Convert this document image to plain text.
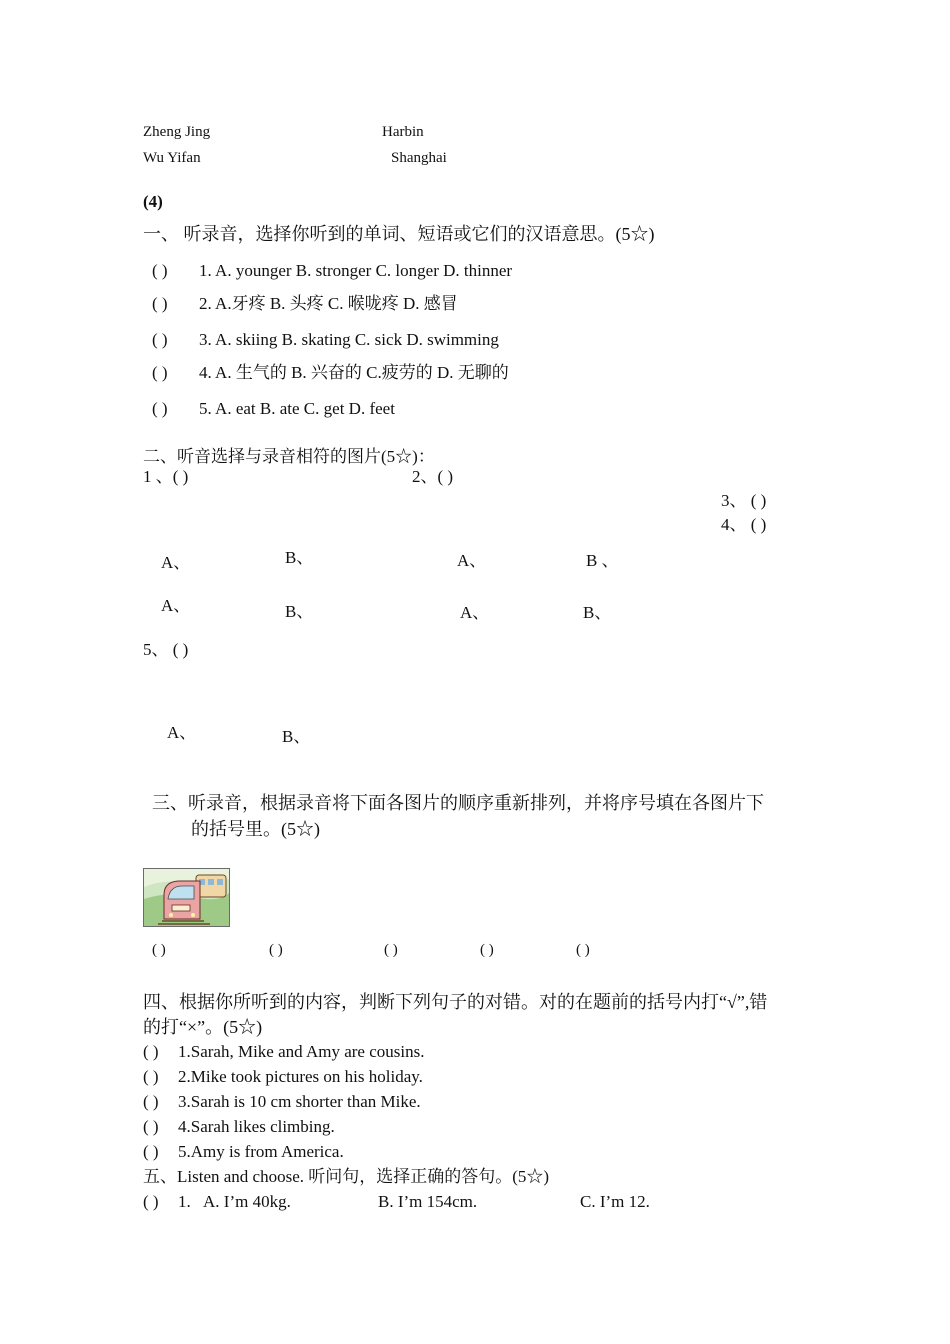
Zheng Jing	Harbin
Wu Yifan	Shanghai
(4)
一、 听录音，选择你听到的单词、短语或它们的汉语意思。(5☆)
( ) 1. A. younger B. stronger C. longer D. thinner
( ) 2. A.牙疼 B. 头疼 C. 喉咙疼 D. 感冒
( ) 3. A. skiing B. skating C. sick D. swimming
( ) 4. A. 生气的 B. 兴奋的 C.疲劳的 D. 无聊的
( ) 5. A. eat B. ate C. get D. feet
二、听音选择与录音相符的图片(5☆)：
1 、( )	2、( )
3、 ( )
4、 ( )
A、	B、	A、	B 、
A、	B、	A、	B、
5、 ( )
A、	B、
三、听录音，根据录音将下面各图片的顺序重新排列，并将序号填在各图片下
的括号里。(5☆)
( )	( )	( )	( )	( )
四、根据你所听到的内容，判断下列句子的对错。对的在题前的括号内打“√”,错
的打“×”。(5☆)
( ) 1.Sarah, Mike and Amy are cousins.
( ) 2.Mike took pictures on his holiday.
( ) 3.Sarah is 10 cm shorter than Mike.
( ) 4.Sarah likes climbing.
( ) 5.Amy is from America.
五、Listen and choose. 听问句，选择正确的答句。(5☆)
( ) 1. A. I’m 40kg.	B. I’m 154cm.	C. I’m 12.
